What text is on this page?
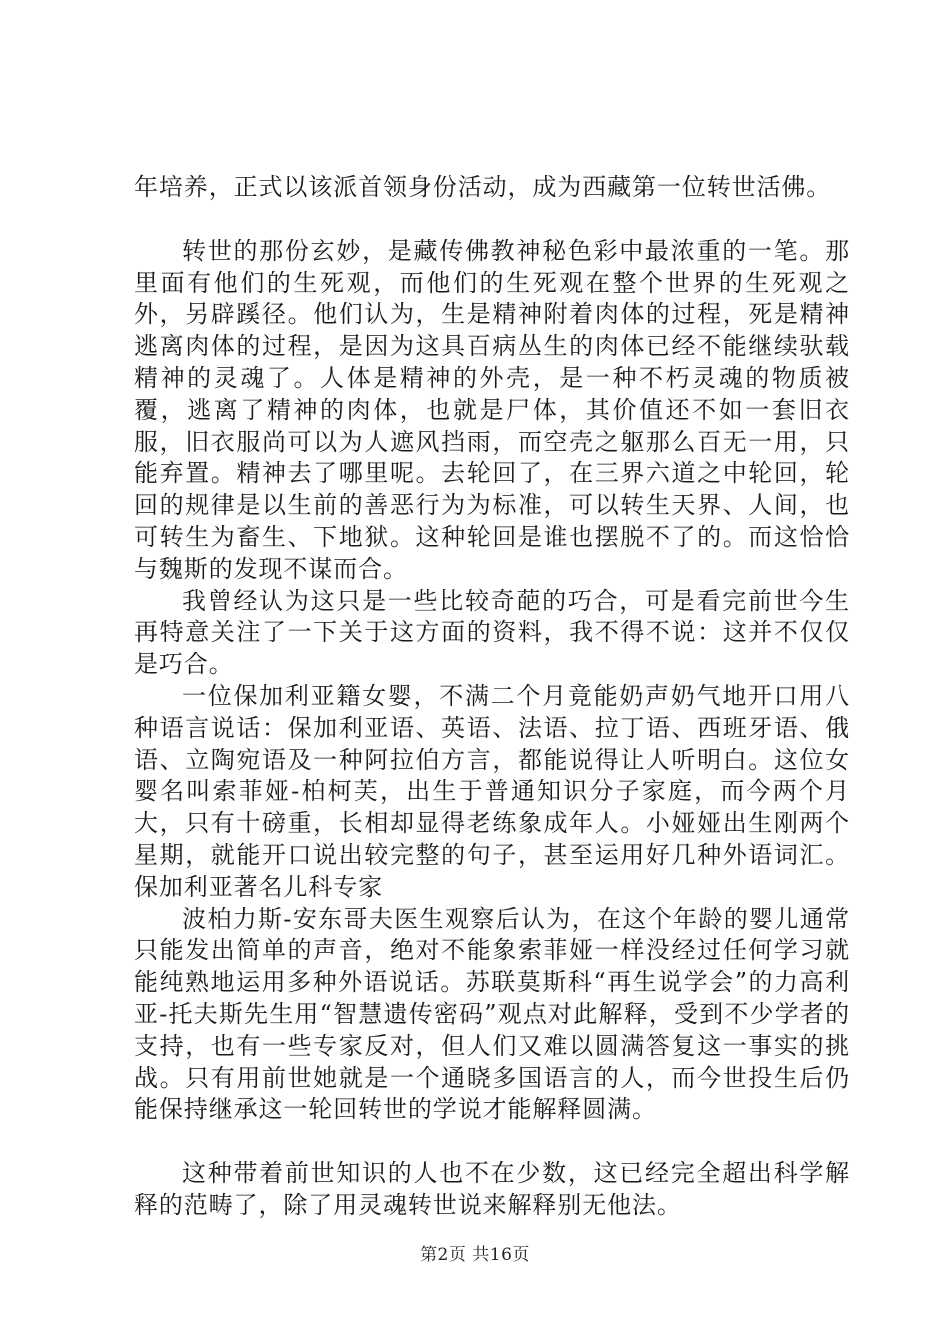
年培养，正式以该派首领身份活动，成为西藏第一位转世活佛。

转世的那份玄妙，是藏传佛教神秘色彩中最浓重的一笔。那里面有他们的生死观，而他们的生死观在整个世界的生死观之外，另辟蹊径。他们认为，生是精神附着肉体的过程，死是精神逃离肉体的过程，是因为这具百病丛生的肉体已经不能继续驮载精神的灵魂了。人体是精神的外壳，是一种不朽灵魂的物质被覆，逃离了精神的肉体，也就是尸体，其价值还不如一套旧衣服，旧衣服尚可以为人遮风挡雨，而空壳之躯那么百无一用，只能弃置。精神去了哪里呢。去轮回了，在三界六道之中轮回，轮回的规律是以生前的善恶行为为标准，可以转生天界、人间，也可转生为畜生、下地狱。这种轮回是谁也摆脱不了的。而这恰恰与魏斯的发现不谋而合。

我曾经认为这只是一些比较奇葩的巧合，可是看完前世今生再特意关注了一下关于这方面的资料，我不得不说：这并不仅仅是巧合。

一位保加利亚籍女婴，不满二个月竟能奶声奶气地开口用八种语言说话：保加利亚语、英语、法语、拉丁语、西班牙语、俄语、立陶宛语及一种阿拉伯方言，都能说得让人听明白。这位女婴名叫索菲娅-柏柯芙，出生于普通知识分子家庭，而今两个月大，只有十磅重，长相却显得老练象成年人。小娅娅出生刚两个星期，就能开口说出较完整的句子，甚至运用好几种外语词汇。保加利亚著名儿科专家

波柏力斯-安东哥夫医生观察后认为，在这个年龄的婴儿通常只能发出简单的声音，绝对不能象索菲娅一样没经过任何学习就能纯熟地运用多种外语说话。苏联莫斯科“再生说学会”的力高利亚-托夫斯先生用“智慧遗传密码”观点对此解释，受到不少学者的支持，也有一些专家反对，但人们又难以圆满答复这一事实的挑战。只有用前世她就是一个通晓多国语言的人，而今世投生后仍能保持继承这一轮回转世的学说才能解释圆满。

这种带着前世知识的人也不在少数，这已经完全超出科学解释的范畴了，除了用灵魂转世说来解释别无他法。

第2页 共16页
